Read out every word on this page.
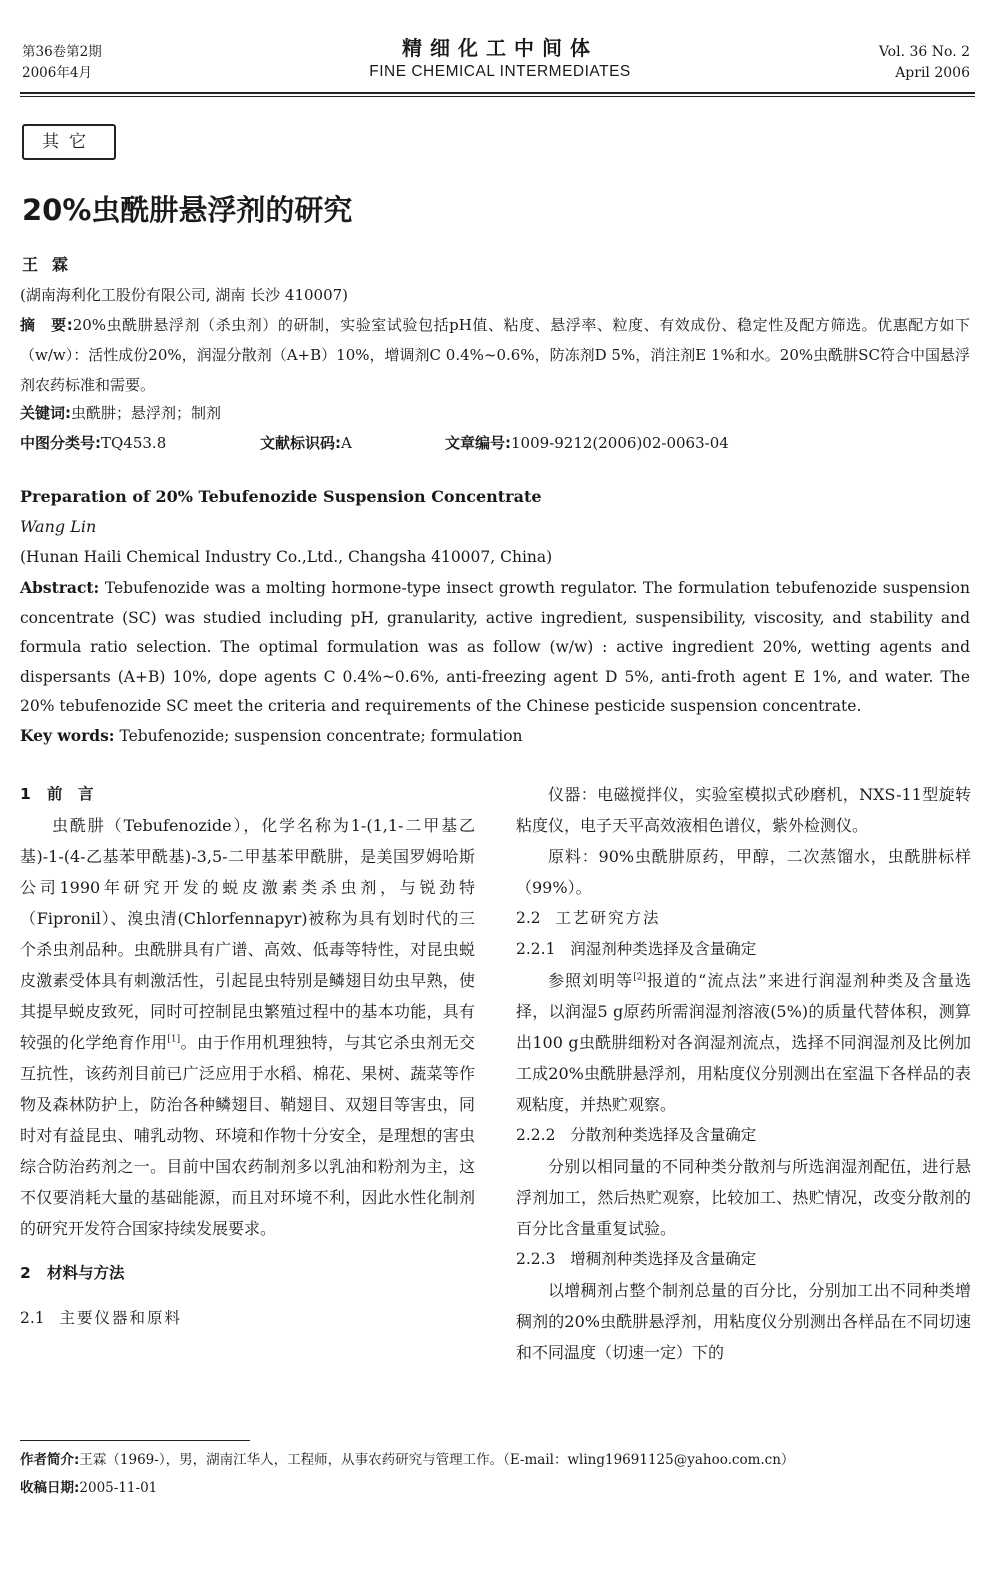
第36卷第2期
2006年4月
精细化工中间体
FINE CHEMICAL INTERMEDIATES
Vol. 36 No. 2
April 2006
其它
20%虫酰肼悬浮剂的研究
王霖
(湖南海利化工股份有限公司, 湖南 长沙 410007)
摘　要:20%虫酰肼悬浮剂（杀虫剂）的研制，实验室试验包括pH值、粘度、悬浮率、粒度、有效成份、稳定性及配方筛选。优惠配方如下（w/w）：活性成份20%，润湿分散剂（A+B）10%，增调剂C 0.4%~0.6%，防冻剂D 5%，消注剂E 1%和水。20%虫酰肼SC符合中国悬浮剂农药标准和需要。
关键词:虫酰肼；悬浮剂；制剂
中图分类号:TQ453.8	文献标识码:A	文章编号:1009-9212(2006)02-0063-04
Preparation of 20% Tebufenozide Suspension Concentrate
Wang Lin
(Hunan Haili Chemical Industry Co.,Ltd., Changsha 410007, China)
Abstract: Tebufenozide was a molting hormone-type insect growth regulator. The formulation tebufenozide suspension concentrate (SC) was studied including pH, granularity, active ingredient, suspensibility, viscosity, and stability and formula ratio selection. The optimal formulation was as follow (w/w) : active ingredient 20%, wetting agents and dispersants (A+B) 10%, dope agents C 0.4%~0.6%, anti-freezing agent D 5%, anti-froth agent E 1%, and water. The 20% tebufenozide SC meet the criteria and requirements of the Chinese pesticide suspension concentrate.
Key words: Tebufenozide; suspension concentrate; formulation
1 前　言

虫酰肼（Tebufenozide），化学名称为1-(1,1-二甲基乙基)-1-(4-乙基苯甲酰基)-3,5-二甲基苯甲酰肼，是美国罗姆哈斯公司1990年研究开发的蜕皮激素类杀虫剂，与锐劲特（Fipronil）、溴虫清(Chlorfennapyr)被称为具有划时代的三个杀虫剂品种。虫酰肼具有广谱、高效、低毒等特性，对昆虫蜕皮激素受体具有刺激活性，引起昆虫特别是鳞翅目幼虫早熟，使其提早蜕皮致死，同时可控制昆虫繁殖过程中的基本功能，具有较强的化学绝育作用[1]。由于作用机理独特，与其它杀虫剂无交互抗性，该药剂目前已广泛应用于水稻、棉花、果树、蔬菜等作物及森林防护上，防治各种鳞翅目、鞘翅目、双翅目等害虫，同时对有益昆虫、哺乳动物、环境和作物十分安全，是理想的害虫综合防治药剂之一。目前中国农药制剂多以乳油和粉剂为主，这不仅要消耗大量的基础能源，而且对环境不利，因此水性化制剂的研究开发符合国家持续发展要求。

2 材料与方法
2.1 主要仪器和原料

仪器：电磁搅拌仪，实验室模拟式砂磨机，NXS-11型旋转粘度仪，电子天平高效液相色谱仪，紫外检测仪。

原料：90%虫酰肼原药，甲醇，二次蒸馏水，虫酰肼标样（99%）。

2.2 工艺研究方法
2.2.1 润湿剂种类选择及含量确定

参照刘明等[2]报道的“流点法”来进行润湿剂种类及含量选择，以润湿5 g原药所需润湿剂溶液(5%)的质量代替体积，测算出100 g虫酰肼细粉对各润湿剂流点，选择不同润湿剂及比例加工成20%虫酰肼悬浮剂，用粘度仪分别测出在室温下各样品的表观粘度，并热贮观察。

2.2.2 分散剂种类选择及含量确定

分别以相同量的不同种类分散剂与所选润湿剂配伍，进行悬浮剂加工，然后热贮观察，比较加工、热贮情况，改变分散剂的百分比含量重复试验。

2.2.3 增稠剂种类选择及含量确定

以增稠剂占整个制剂总量的百分比，分别加工出不同种类增稠剂的20%虫酰肼悬浮剂，用粘度仪分别测出各样品在不同切速和不同温度（切速一定）下的

作者简介:王霖（1969-），男，湖南江华人，工程师，从事农药研究与管理工作。（E-mail：wling19691125@yahoo.com.cn）
收稿日期:2005-11-01
